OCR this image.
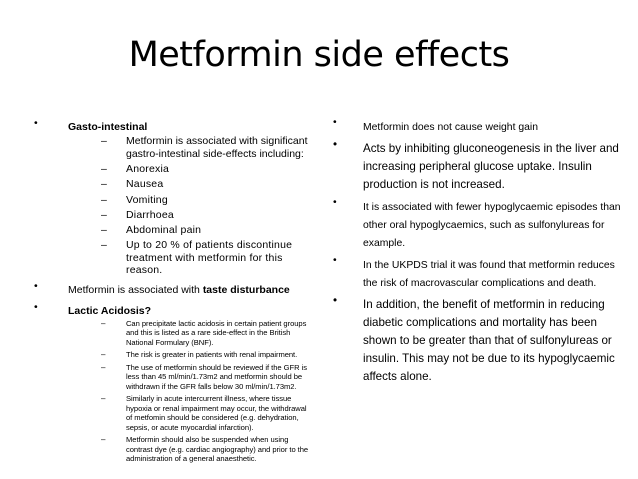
Metformin side effects
•	Gasto-intestinal
– Metformin is associated with significant gastro-intestinal side-effects including:
– Anorexia
– Nausea
– Vomiting
– Diarrhoea
– Abdominal pain
– Up to 20 % of patients discontinue treatment with metformin for this reason.
•	Metformin is associated with taste disturbance
•	Lactic Acidosis?
–	Can precipitate lactic acidosis in certain patient groups and this is listed as a rare side-effect in the British National Formulary (BNF).
–	The risk is greater in patients with renal impairment.
–	The use of metformin should be reviewed if the GFR is less than 45 ml/min/1.73m2 and metformin should be withdrawn if the GFR falls below 30 ml/min/1.73m2.
–	Similarly in acute intercurrent illness, where tissue hypoxia or renal impairment may occur, the withdrawal of metfomin should be considered (e.g. dehydration, sepsis, or acute myocardial infarction).
–	Metformin should also be suspended when using contrast dye (e.g. cardiac angiography) and prior to the administration of a general anaesthetic.
•	Metformin does not cause weight gain
• Acts by inhibiting gluconeogenesis in the liver and increasing peripheral glucose uptake. Insulin production is not increased.
•	It is associated with fewer hypoglycaemic episodes than other oral hypoglycaemics, such as sulfonylureas for example.
•	In the UKPDS trial it was found that metformin reduces the risk of macrovascular complications and death.
• In addition, the benefit of metformin in reducing diabetic complications and mortality has been shown to be greater than that of sulfonylureas or insulin. This may not be due to its hypoglycaemic affects alone.
